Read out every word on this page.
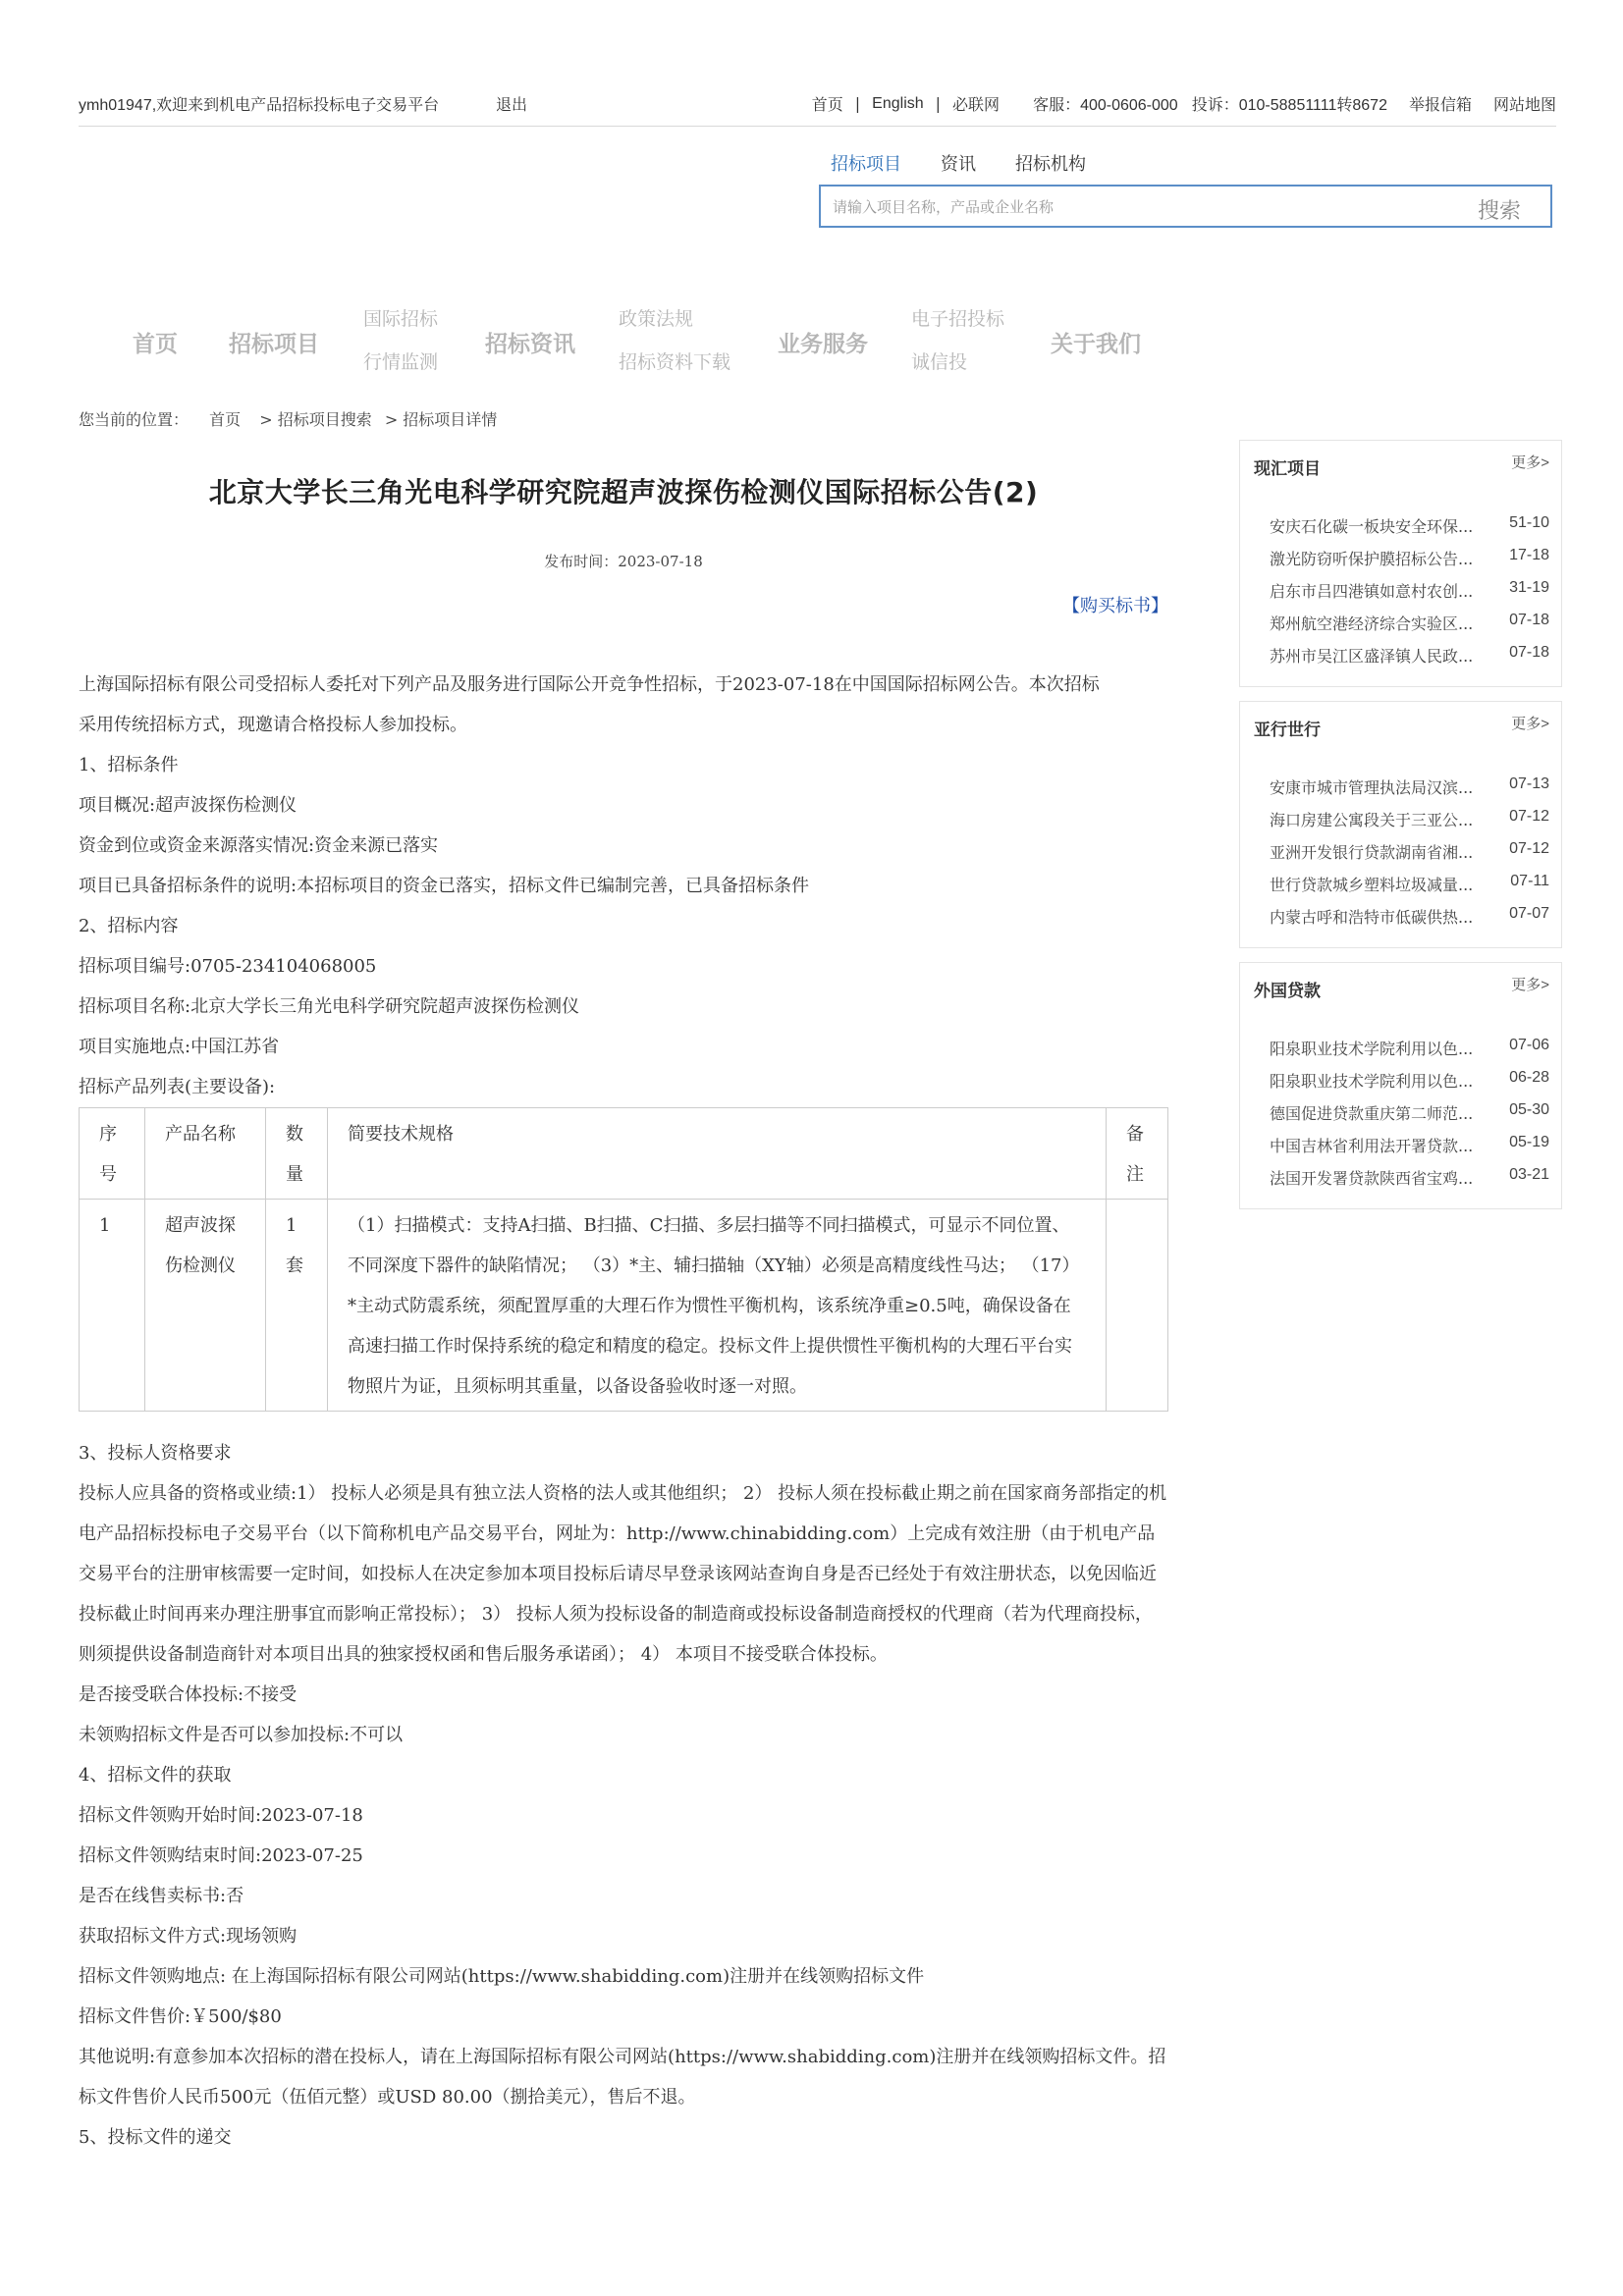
ymh01947,欢迎来到机电产品招标投标电子交易平台	退出	首页 | English | 必联网 客服：400-0606-000 投诉：010-58851111转8672 举报信箱 网站地图
招标项目 资讯 招标机构
请输入项目名称，产品或企业名称
搜索
首页 招标项目
国际招标
行情监测
招标资讯
政策法规
招标资料下载
业务服务
电子招投标
诚信投
关于我们
您当前的位置： 首页 > 招标项目搜索 > 招标项目详情
北京大学长三角光电科学研究院超声波探伤检测仪国际招标公告(2)
发布时间：2023-07-18
【购买标书】

上海国际招标有限公司受招标人委托对下列产品及服务进行国际公开竞争性招标，于2023-07-18在中国国际招标网公告。本次招标

采用传统招标方式，现邀请合格投标人参加投标。

1、招标条件

项目概况:超声波探伤检测仪

资金到位或资金来源落实情况:资金来源已落实

项目已具备招标条件的说明:本招标项目的资金已落实，招标文件已编制完善，已具备招标条件

2、招标内容

招标项目编号:0705-234104068005

招标项目名称:北京大学长三角光电科学研究院超声波探伤检测仪

项目实施地点:中国江苏省

招标产品列表(主要设备):

序号	产品名称	数量	简要技术规格	备注
1	超声波探伤检测仪	1套	（1）扫描模式：支持A扫描、B扫描、C扫描、多层扫描等不同扫描模式，可显示不同位置、不同深度下器件的缺陷情况； （3）*主、辅扫描轴（XY轴）必须是高精度线性马达； （17）*主动式防震系统，须配置厚重的大理石作为惯性平衡机构，该系统净重≥0.5吨，确保设备在高速扫描工作时保持系统的稳定和精度的稳定。投标文件上提供惯性平衡机构的大理石平台实物照片为证，且须标明其重量，以备设备验收时逐一对照。	

3、投标人资格要求

投标人应具备的资格或业绩:1） 投标人必须是具有独立法人资格的法人或其他组织； 2） 投标人须在投标截止期之前在国家商务部指定的机电产品招标投标电子交易平台（以下简称机电产品交易平台，网址为：http://www.chinabidding.com）上完成有效注册（由于机电产品交易平台的注册审核需要一定时间，如投标人在决定参加本项目投标后请尽早登录该网站查询自身是否已经处于有效注册状态，以免因临近投标截止时间再来办理注册事宜而影响正常投标）； 3） 投标人须为投标设备的制造商或投标设备制造商授权的代理商（若为代理商投标，则须提供设备制造商针对本项目出具的独家授权函和售后服务承诺函）； 4） 本项目不接受联合体投标。

是否接受联合体投标:不接受

未领购招标文件是否可以参加投标:不可以

4、招标文件的获取

招标文件领购开始时间:2023-07-18

招标文件领购结束时间:2023-07-25

是否在线售卖标书:否

获取招标文件方式:现场领购

招标文件领购地点: 在上海国际招标有限公司网站(https://www.shabidding.com)注册并在线领购招标文件

招标文件售价:￥500/$80

其他说明:有意参加本次招标的潜在投标人，请在上海国际招标有限公司网站(https://www.shabidding.com)注册并在线领购招标文件。招标文件售价人民币500元（伍佰元整）或USD 80.00（捌拾美元），售后不退。

5、投标文件的递交

现汇项目	更多>
安庆石化碳一板块安全环保... 51-10
激光防窃听保护膜招标公告... 17-18
启东市吕四港镇如意村农创... 31-19
郑州航空港经济综合实验区... 07-18
苏州市吴江区盛泽镇人民政... 07-18
亚行世行	更多>
安康市城市管理执法局汉滨... 07-13
海口房建公寓段关于三亚公... 07-12
亚洲开发银行贷款湖南省湘... 07-12
世行贷款城乡塑料垃圾减量... 07-11
内蒙古呼和浩特市低碳供热... 07-07
外国贷款	更多>
阳泉职业技术学院利用以色... 07-06
阳泉职业技术学院利用以色... 06-28
德国促进贷款重庆第二师范... 05-30
中国吉林省利用法开署贷款... 05-19
法国开发署贷款陕西省宝鸡... 03-21
